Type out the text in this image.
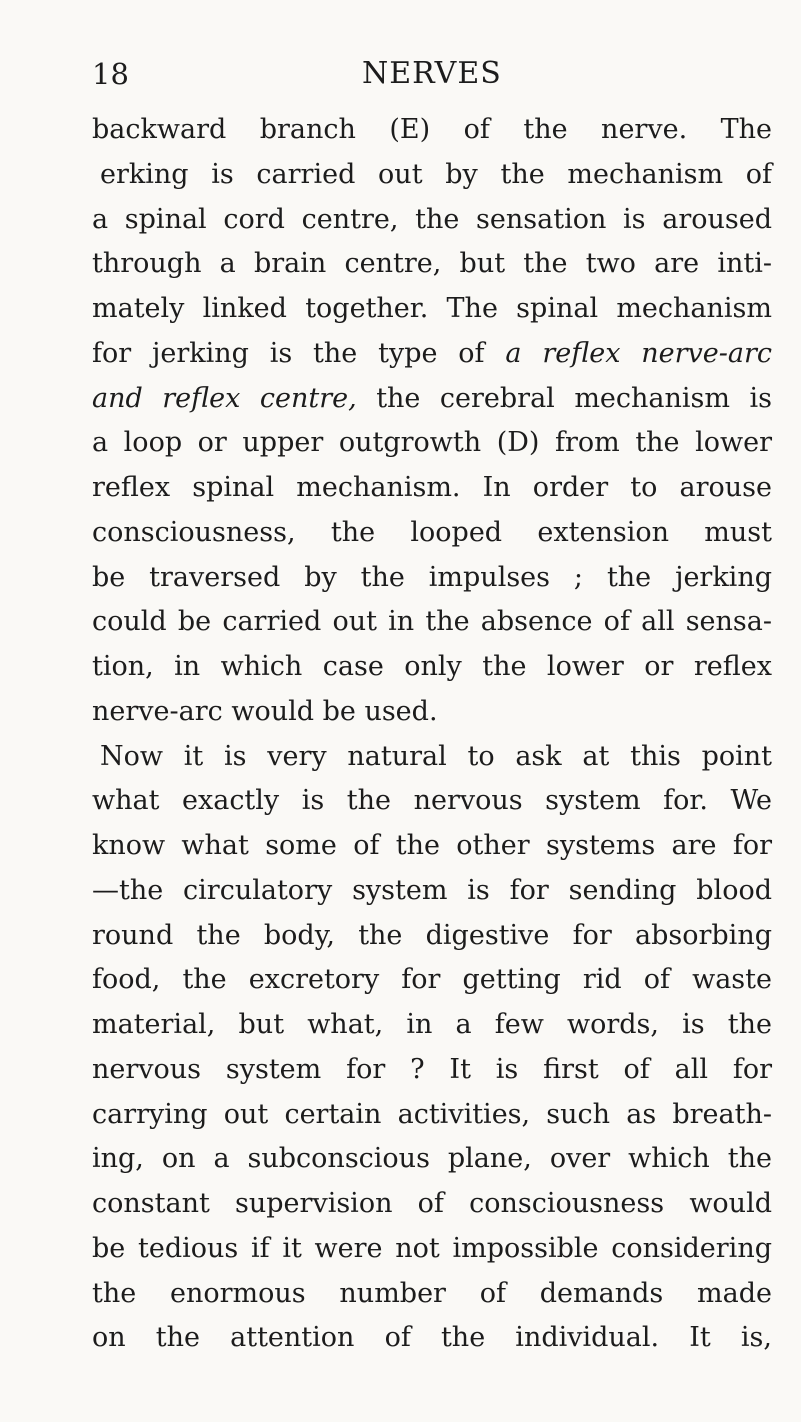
18	NERVES
backward branch (E) of the nerve. The
erking is carried out by the mechanism of
a spinal cord centre, the sensation is aroused
through a brain centre, but the two are inti-
mately linked together. The spinal mechanism
for jerking is the type of a reflex nerve-arc
and reflex centre, the cerebral mechanism is
a loop or upper outgrowth (D) from the lower
reflex spinal mechanism. In order to arouse
consciousness, the looped extension must
be traversed by the impulses ; the jerking
could be carried out in the absence of all sensa-
tion, in which case only the lower or reflex
nerve-arc would be used.
Now it is very natural to ask at this point
what exactly is the nervous system for. We
know what some of the other systems are for
—the circulatory system is for sending blood
round the body, the digestive for absorbing
food, the excretory for getting rid of waste
material, but what, in a few words, is the
nervous system for ? It is first of all for
carrying out certain activities, such as breath-
ing, on a subconscious plane, over which the
constant supervision of consciousness would
be tedious if it were not impossible considering
the enormous number of demands made
on the attention of the individual. It is,
